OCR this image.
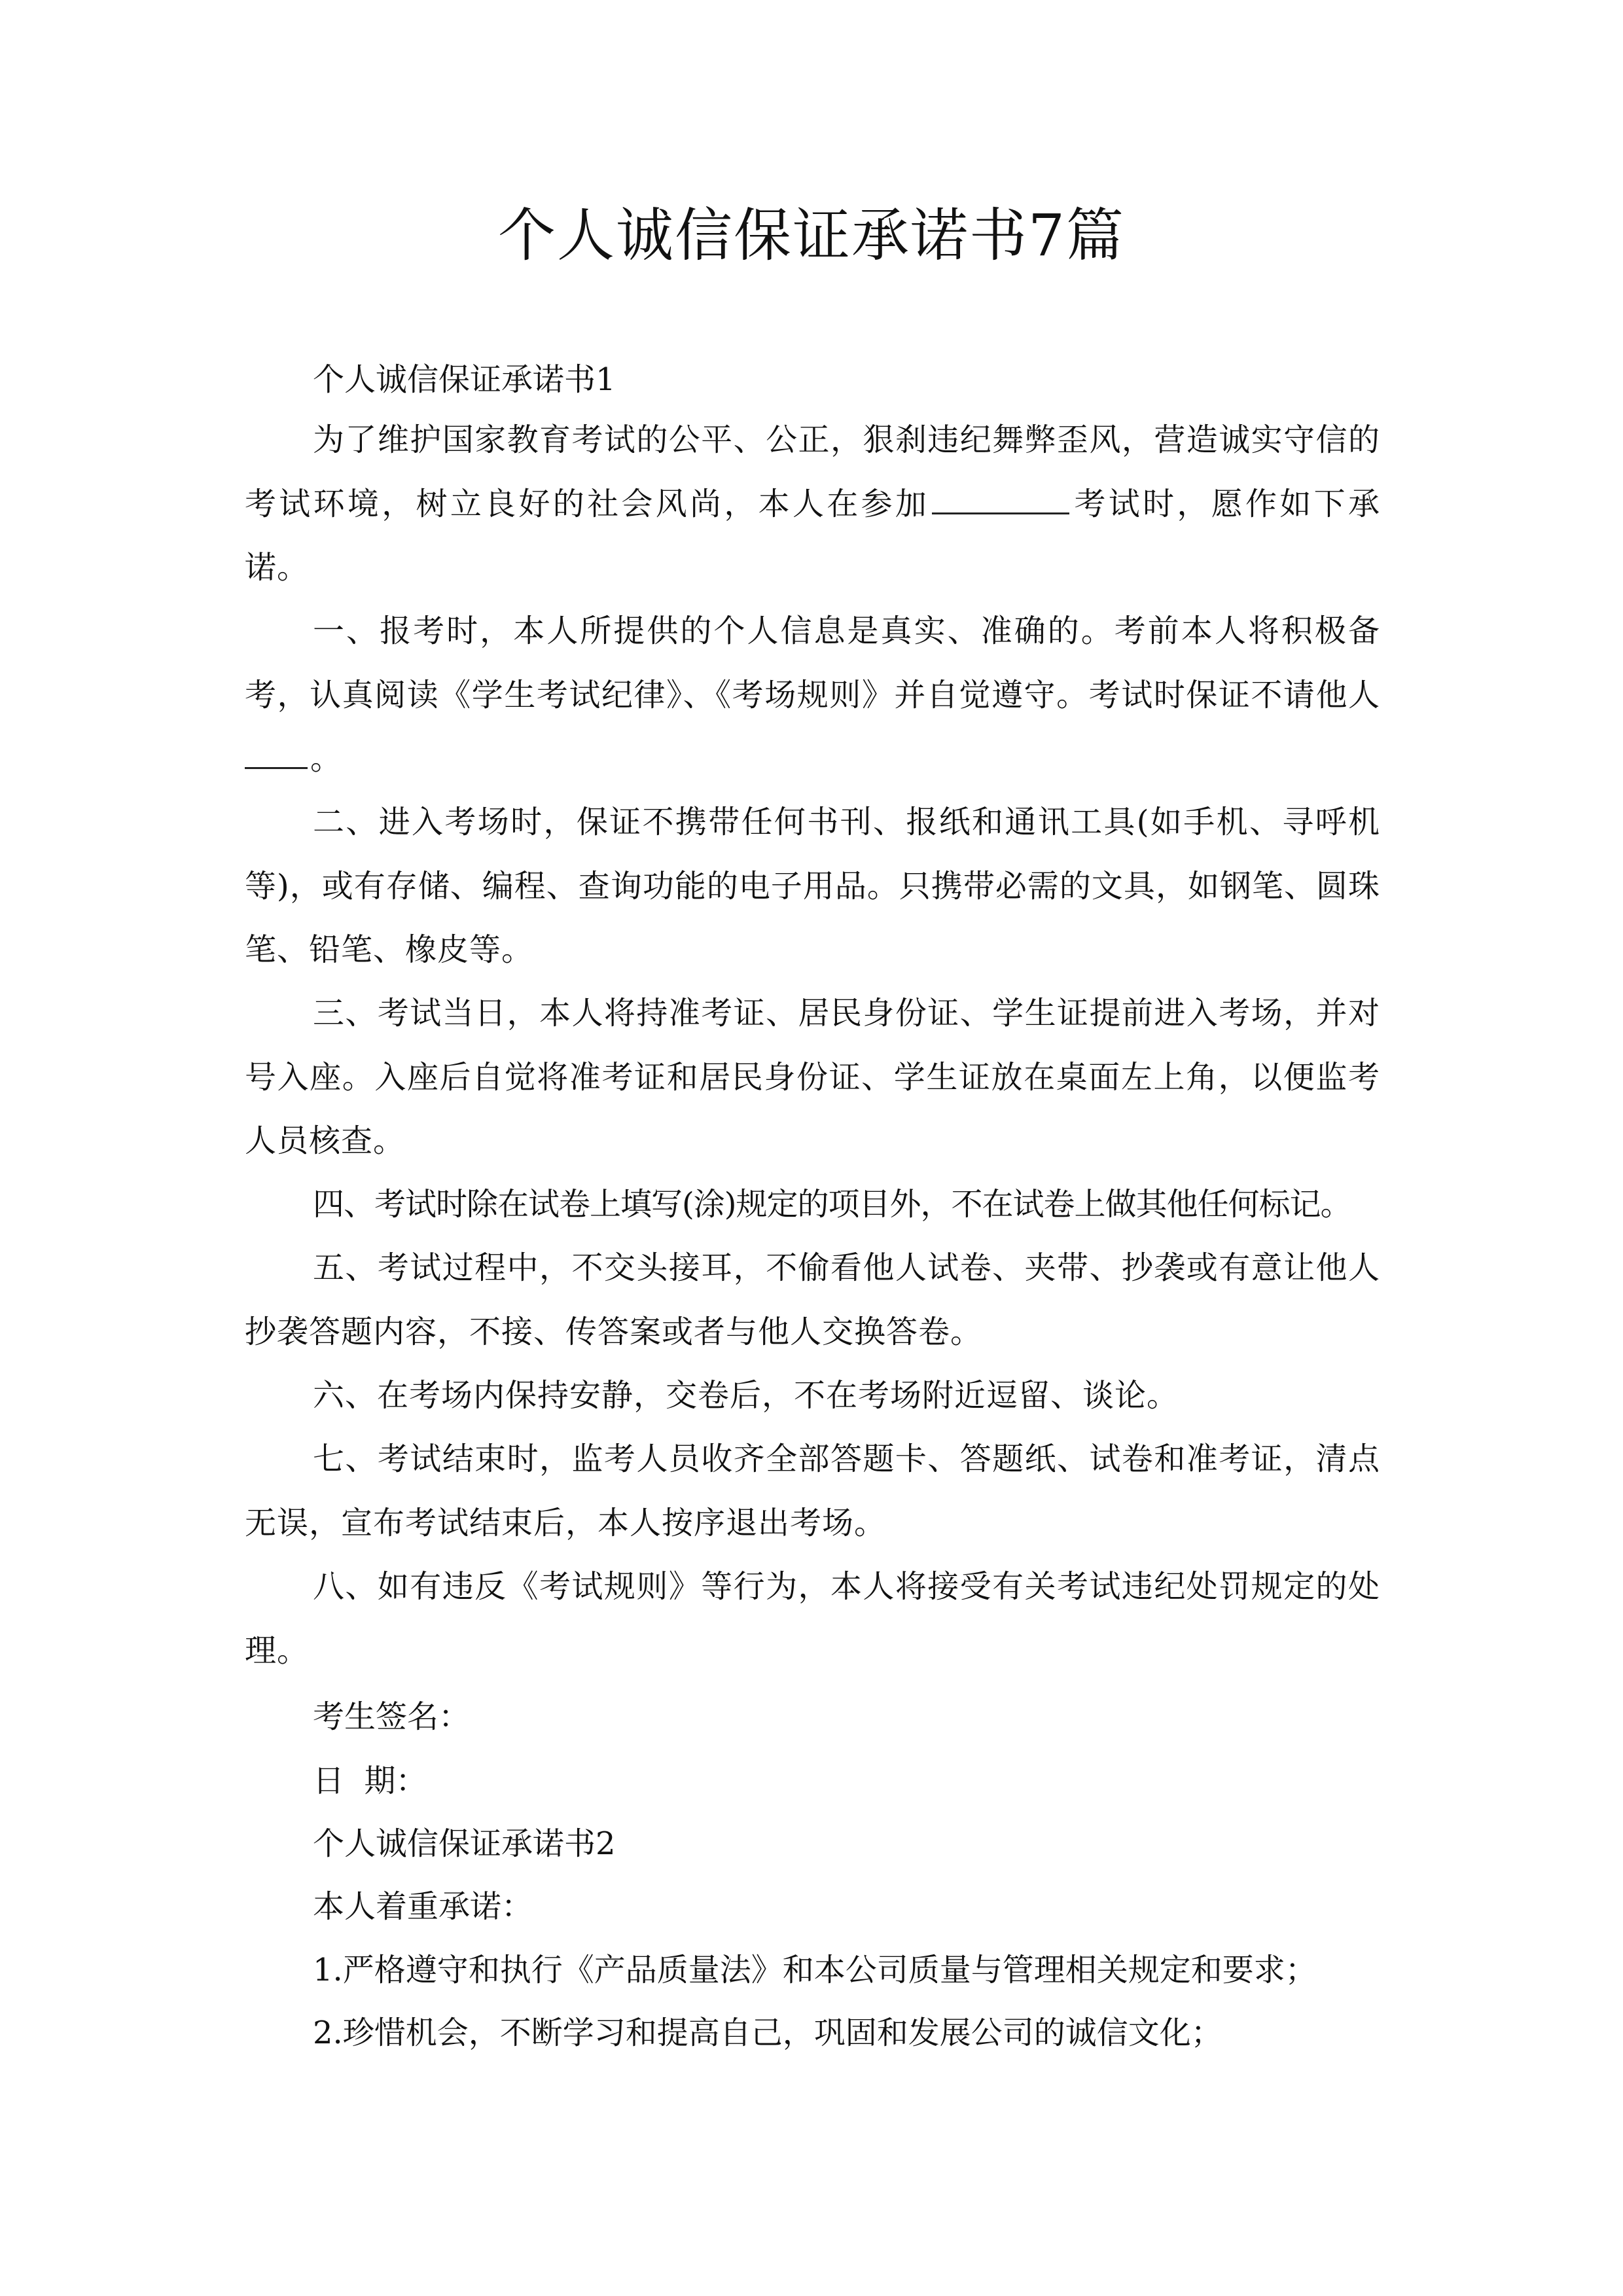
个人诚信保证承诺书7篇
个人诚信保证承诺书1
为了维护国家教育考试的公平、公正，狠刹违纪舞弊歪风，营造诚实守信的考试环境，树立良好的社会风尚，本人在参加	考试时，愿作如下承诺。
一、报考时，本人所提供的个人信息是真实、准确的。考前本人将积极备考，认真阅读《学生考试纪律》、《考场规则》并自觉遵守。考试时保证不请他人。
二、进入考场时，保证不携带任何书刊、报纸和通讯工具(如手机、寻呼机等)，或有存储、编程、查询功能的电子用品。只携带必需的文具，如钢笔、圆珠笔、铅笔、橡皮等。
三、考试当日，本人将持准考证、居民身份证、学生证提前进入考场，并对号入座。入座后自觉将准考证和居民身份证、学生证放在桌面左上角，以便监考人员核查。
四、考试时除在试卷上填写(涂)规定的项目外，不在试卷上做其他任何标记。
五、考试过程中，不交头接耳，不偷看他人试卷、夹带、抄袭或有意让他人抄袭答题内容，不接、传答案或者与他人交换答卷。
六、在考场内保持安静，交卷后，不在考场附近逗留、谈论。
七、考试结束时，监考人员收齐全部答题卡、答题纸、试卷和准考证，清点无误，宣布考试结束后，本人按序退出考场。
八、如有违反《考试规则》等行为，本人将接受有关考试违纪处罚规定的处理。
考生签名：
日  期：
个人诚信保证承诺书2
本人着重承诺：
1.严格遵守和执行《产品质量法》和本公司质量与管理相关规定和要求；
2.珍惜机会，不断学习和提高自己，巩固和发展公司的诚信文化；
